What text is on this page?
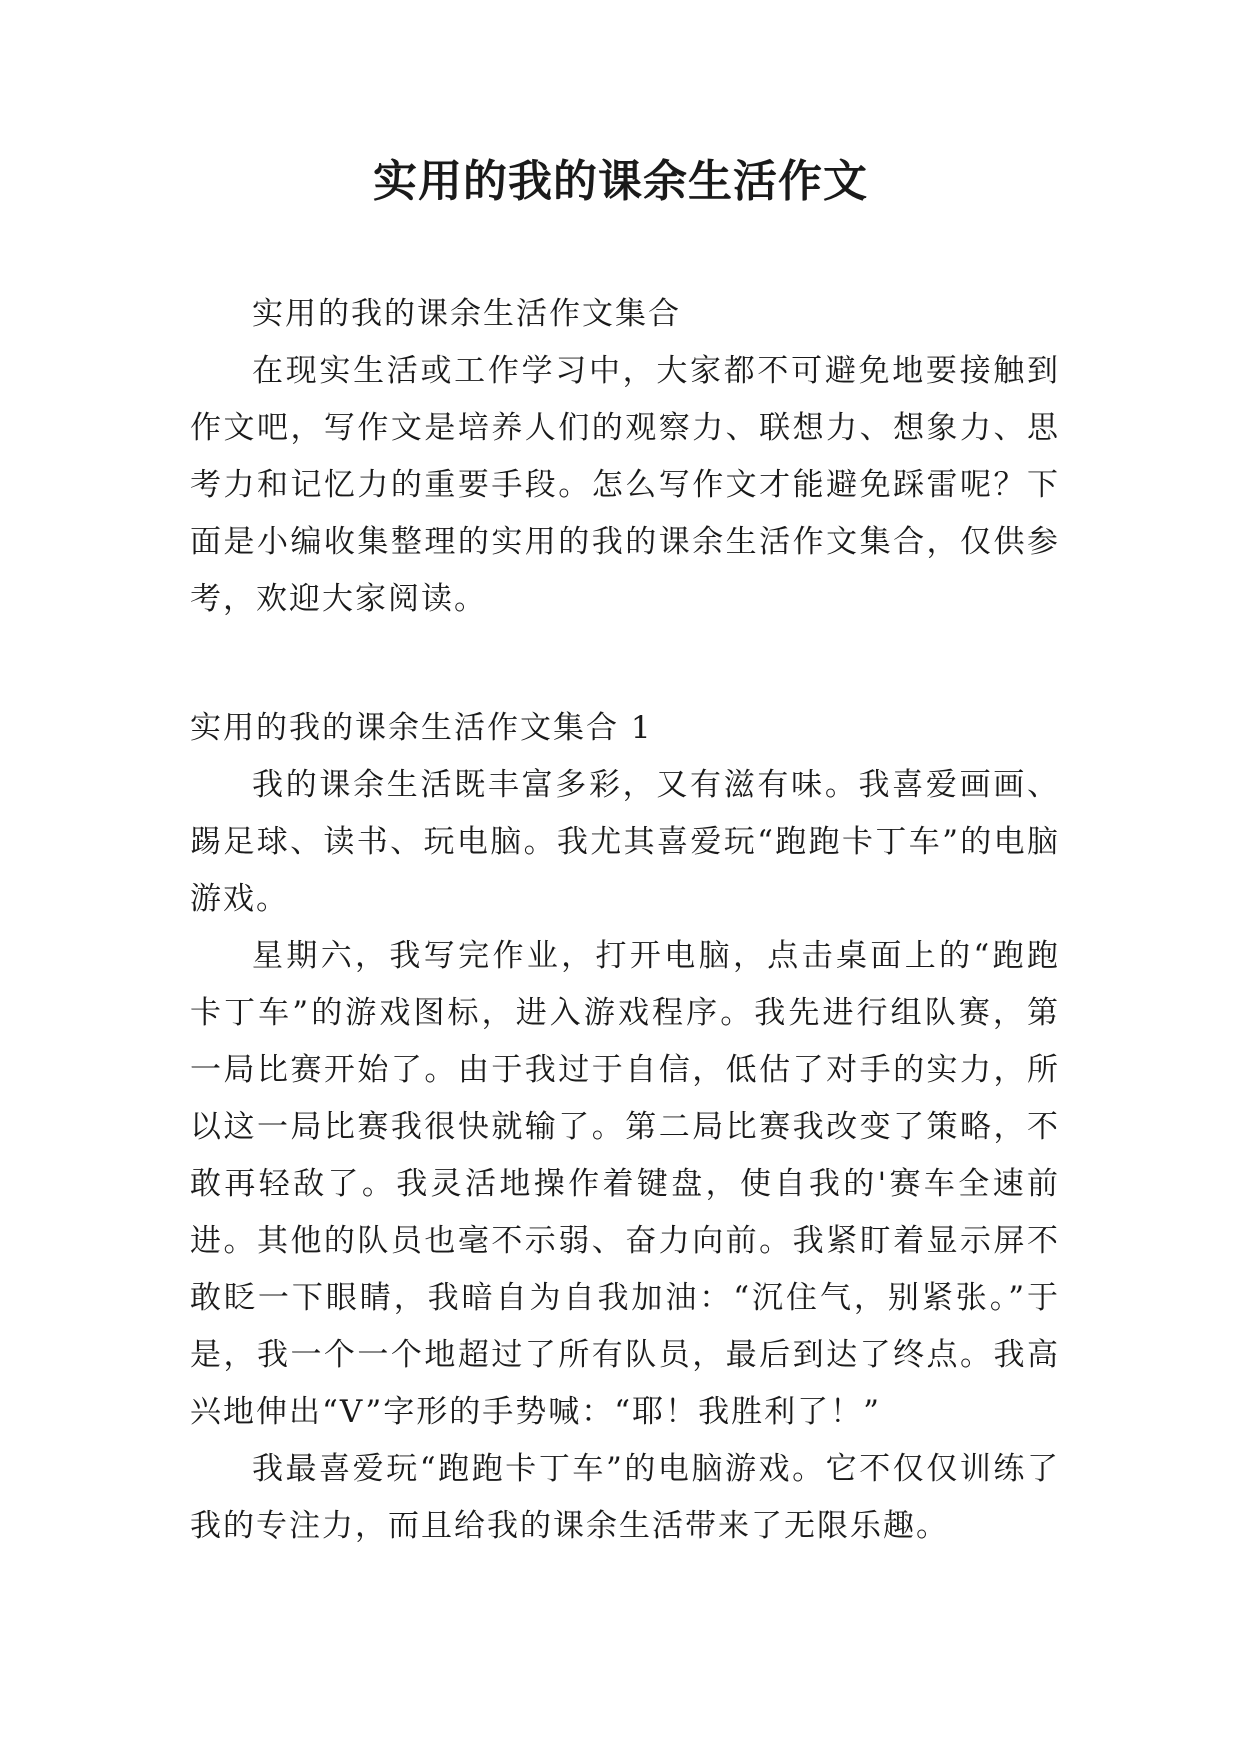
实用的我的课余生活作文

实用的我的课余生活作文集合

在现实生活或工作学习中，大家都不可避免地要接触到作文吧，写作文是培养人们的观察力、联想力、想象力、思考力和记忆力的重要手段。怎么写作文才能避免踩雷呢？下面是小编收集整理的实用的我的课余生活作文集合，仅供参考，欢迎大家阅读。

实用的我的课余生活作文集合 1

我的课余生活既丰富多彩，又有滋有味。我喜爱画画、踢足球、读书、玩电脑。我尤其喜爱玩“跑跑卡丁车”的电脑游戏。

星期六，我写完作业，打开电脑，点击桌面上的“跑跑卡丁车”的游戏图标，进入游戏程序。我先进行组队赛，第一局比赛开始了。由于我过于自信，低估了对手的实力，所以这一局比赛我很快就输了。第二局比赛我改变了策略，不敢再轻敌了。我灵活地操作着键盘，使自我的'赛车全速前进。其他的队员也毫不示弱、奋力向前。我紧盯着显示屏不敢眨一下眼睛，我暗自为自我加油：“沉住气，别紧张。”于是，我一个一个地超过了所有队员，最后到达了终点。我高兴地伸出“V”字形的手势喊：“耶！我胜利了！”

我最喜爱玩“跑跑卡丁车”的电脑游戏。它不仅仅训练了我的专注力，而且给我的课余生活带来了无限乐趣。
